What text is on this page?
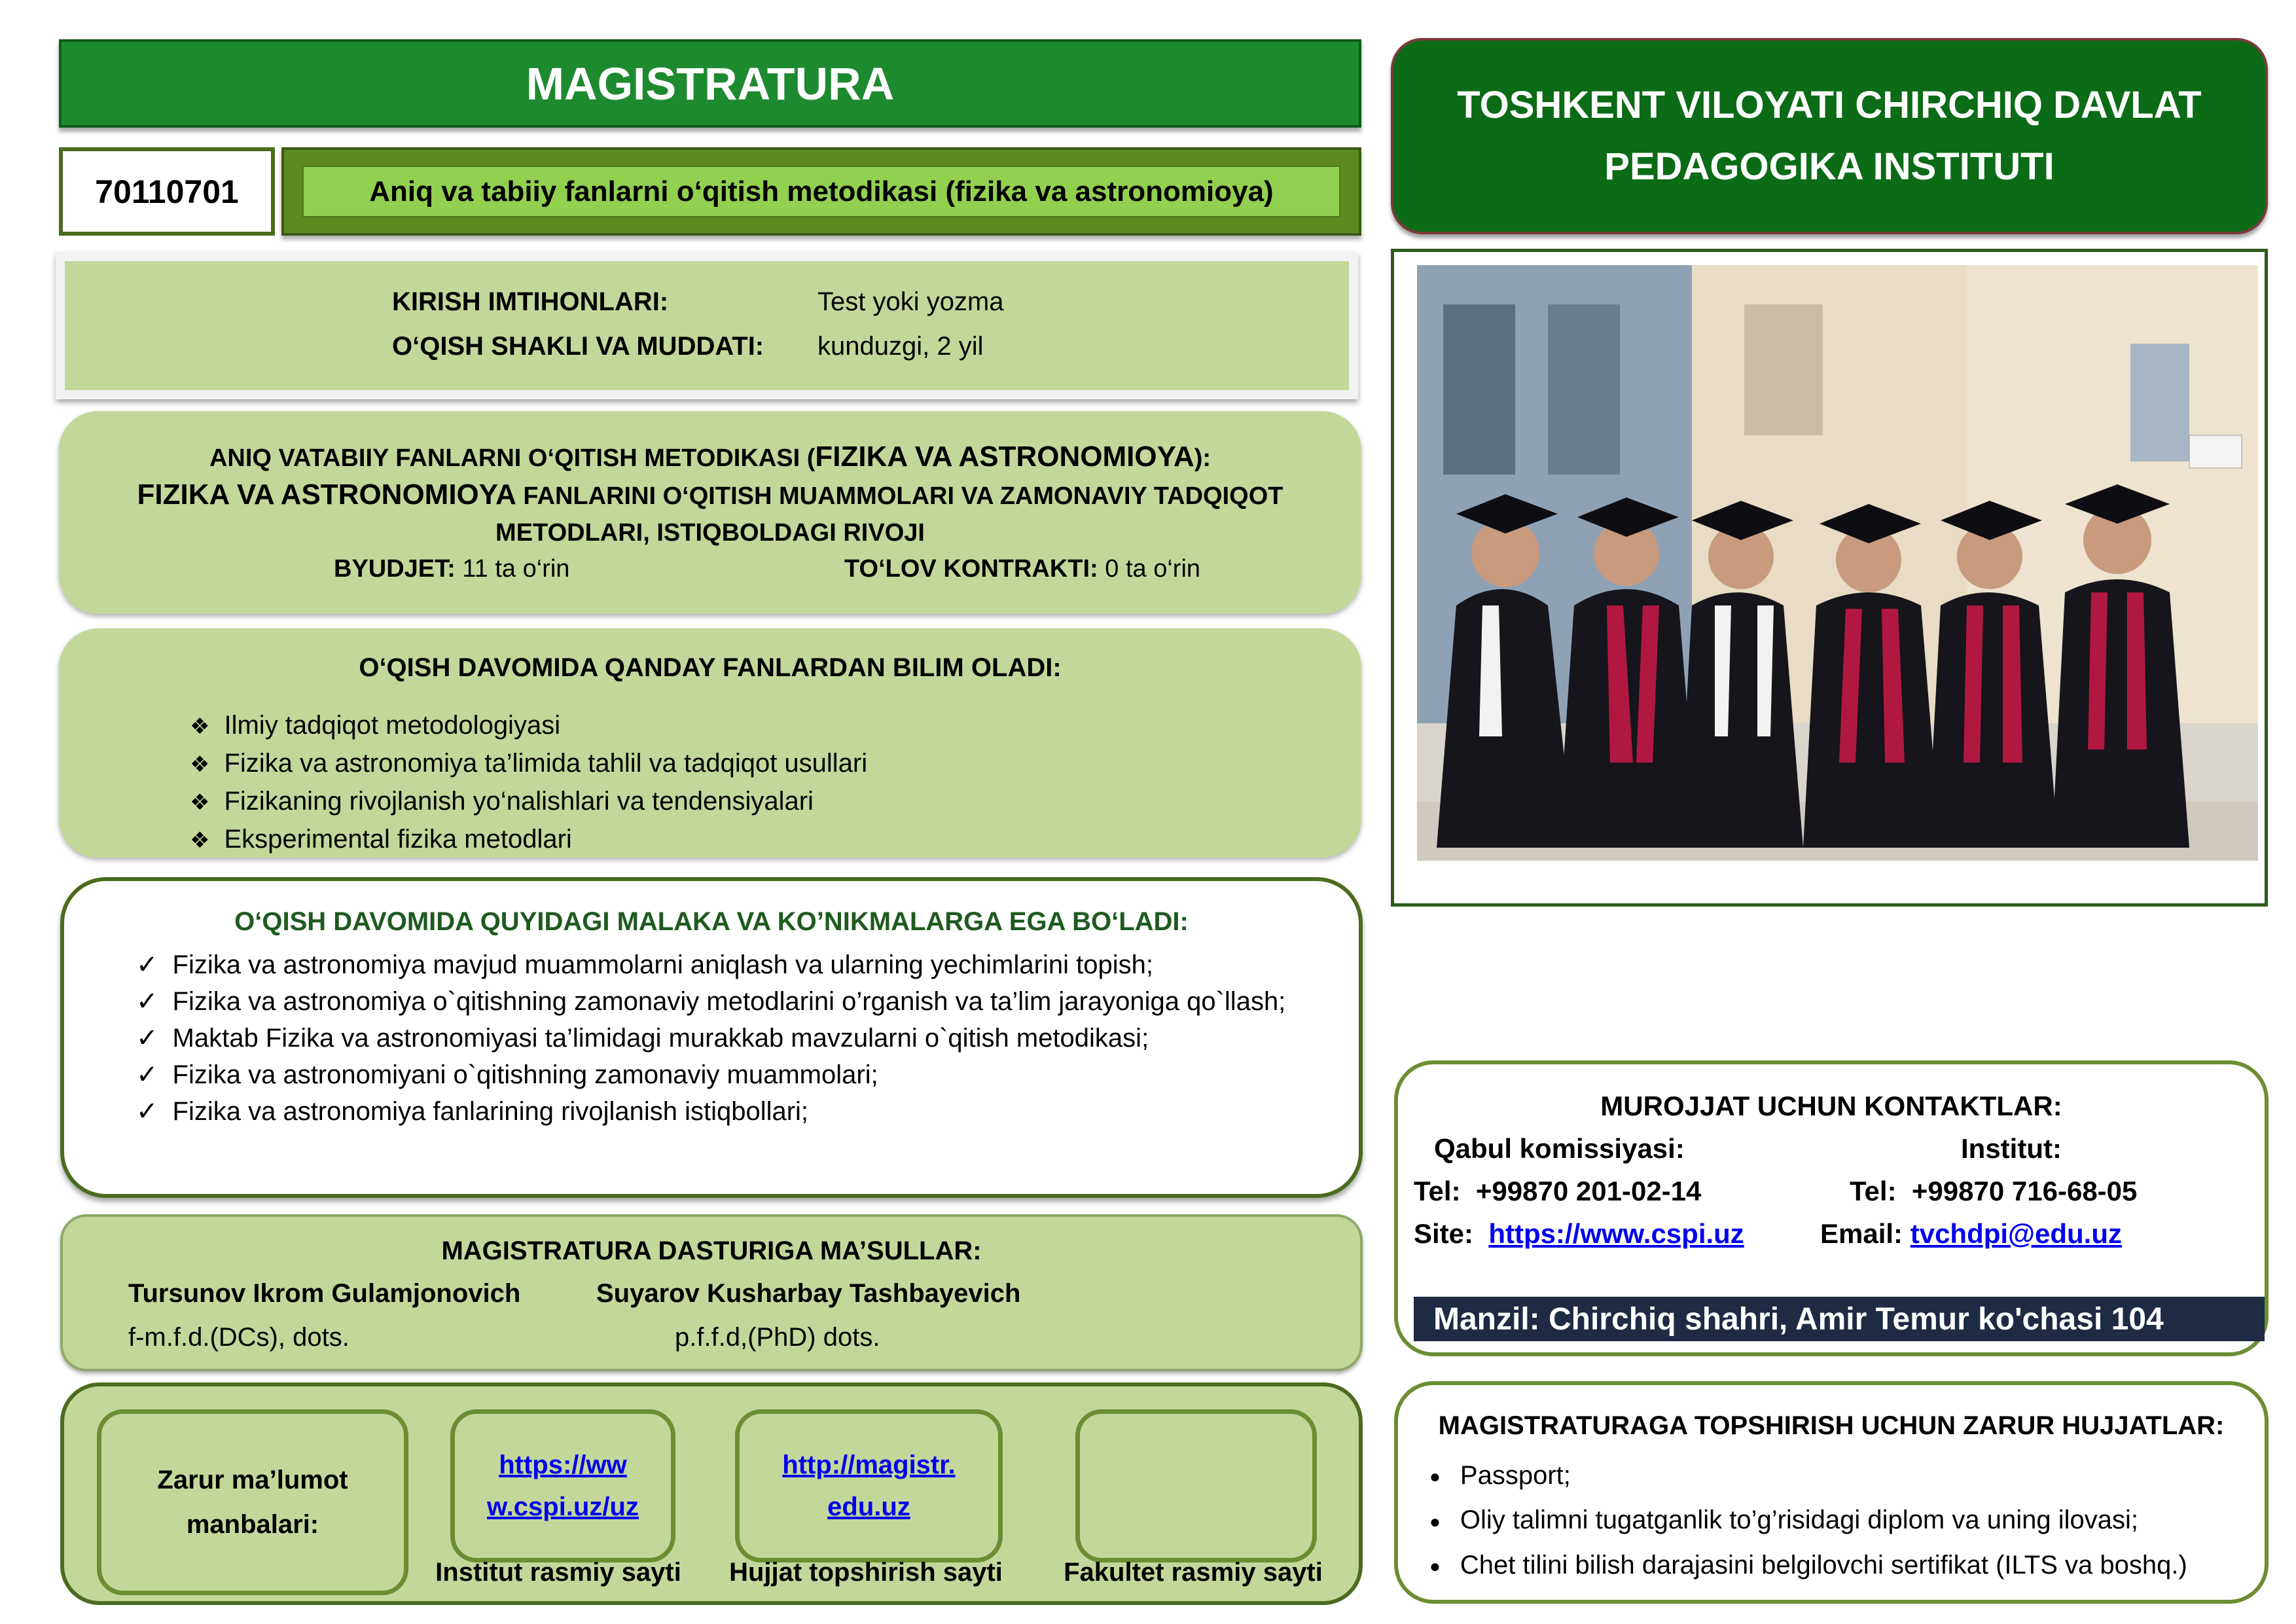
MAGISTRATURA
70110701	Aniq va tabiiy fanlarni o‘qitish metodikasi (fizika va astronomioya)
KIRISH IMTIHONLARI:	Test yoki yozma
O‘QISH SHAKLI VA MUDDATI: kunduzgi, 2 yil
ANIQ VATABIIY FANLARNI O‘QITISH METODIKASI (FIZIKA VA ASTRONOMIOYA):
FIZIKA VA ASTRONOMIOYA FANLARINI O‘QITISH MUAMMOLARI VA ZAMONAVIY TADQIQOT METODLARI, ISTIQBOLDAGI RIVOJI
BYUDJET: 11 ta o‘rin	TO‘LOV KONTRAKTI: 0 ta o‘rin
O‘QISH DAVOMIDA QANDAY FANLARDAN BILIM OLADI:
❖ Ilmiy tadqiqot metodologiyasi
❖ Fizika va astronomiya ta’limida tahlil va tadqiqot usullari
❖ Fizikaning rivojlanish yo‘nalishlari va tendensiyalari
❖ Eksperimental fizika metodlari
O‘QISH DAVOMIDA QUYIDAGI MALAKA VA KO’NIKMALARGA EGA BO‘LADI:
✓ Fizika va astronomiya mavjud muammolarni aniqlash va ularning yechimlarini topish;
✓ Fizika va astronomiya o`qitishning zamonaviy metodlarini o’rganish va ta’lim jarayoniga qo`llash;
✓ Maktab Fizika va astronomiyasi ta’limidagi murakkab mavzularni o`qitish metodikasi;
✓ Fizika va astronomiyani o`qitishning zamonaviy muammolari;
✓ Fizika va astronomiya fanlarining rivojlanish istiqbollari;
MAGISTRATURA DASTURIGA MA’SULLAR:
Tursunov Ikrom Gulamjonovich	Suyarov Kusharbay Tashbayevich
f-m.f.d.(DCs), dots.	p.f.f.d,(PhD) dots.
Zarur ma’lumot manbalari:
https://ww
w.cspi.uz/uz
Institut rasmiy sayti
http://magistr.
edu.uz
Hujjat topshirish sayti	Fakultet rasmiy sayti
TOSHKENT VILOYATI CHIRCHIQ DAVLAT
PEDAGOGIKA INSTITUTI
MUROJJAT UCHUN KONTAKTLAR:
Qabul komissiyasi:	Institut:
Tel: +99870 201-02-14	Tel: +99870 716-68-05
Site: https://www.cspi.uz	Email: tvchdpi@edu.uz
Manzil:
Chirchiq shahri, Amir Temur ko'chasi 104
MAGISTRATURAGA TOPSHIRISH UCHUN ZARUR HUJJATLAR:
● Passport;
● Oliy talimni tugatganlik to’g’risidagi diplom va uning ilovasi;
● Chet tilini bilish darajasini belgilovchi sertifikat (ILTS va boshq.)
